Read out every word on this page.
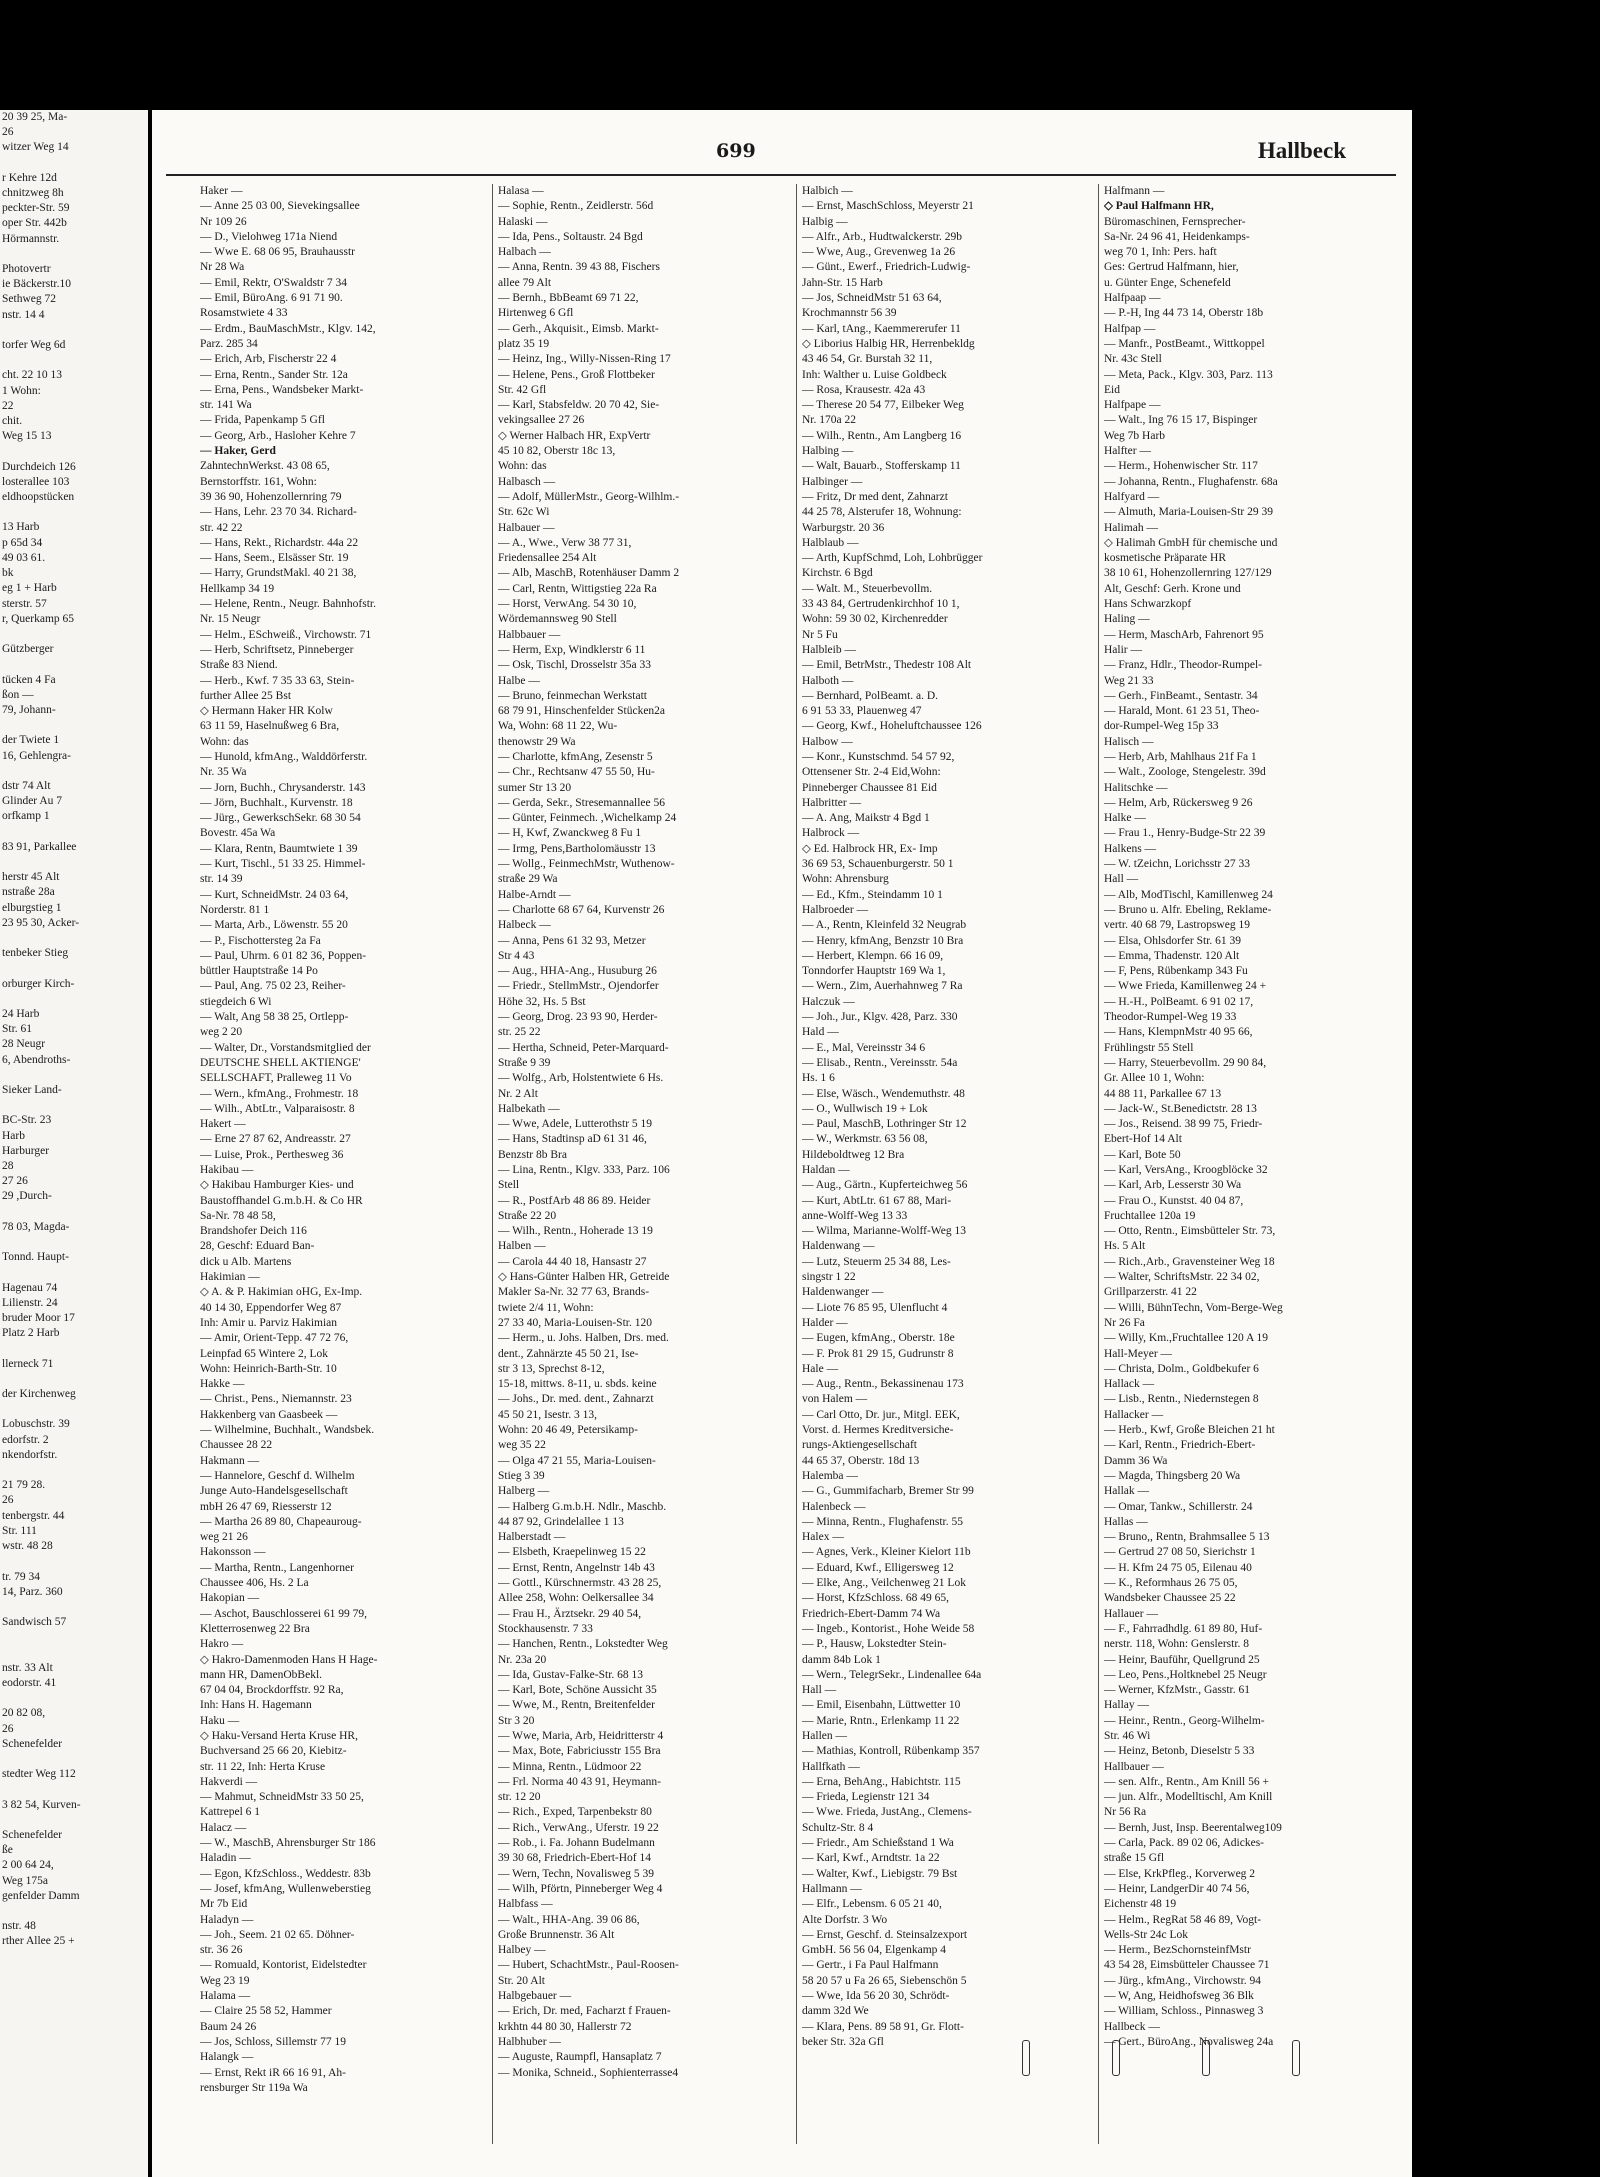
20 39 25, Ma-
26
witzer Weg 14

r Kehre 12d
chnitzweg 8h
peckter-Str. 59
oper Str. 442b
Hörmannstr.

Photovertr
ie Bäckerstr.10
Sethweg 72
nstr. 14 4

torfer Weg 6d

cht. 22 10 13
1 Wohn:
22
chit.
Weg 15 13

Durchdeich 126
losterallee 103
eldhoopstücken

13 Harb
p 65d 34
49 03 61.
bk
eg 1 + Harb
sterstr. 57
r, Querkamp 65

Gützberger

tücken 4 Fa
ßon —
79, Johann-

der Twiete 1
16, Gehlengra-

dstr 74 Alt
Glinder Au 7
orfkamp 1

83 91, Parkallee

herstr 45 Alt
nstraße 28a
elburgstieg 1
23 95 30, Acker-

tenbeker Stieg

orburger Kirch-

24 Harb
Str. 61
28 Neugr
6, Abendroths-

Sieker Land-

BC-Str. 23
Harb
Harburger
28
27 26
29 ,Durch-

78 03, Magda-

Tonnd. Haupt-

Hagenau 74
Lilienstr. 24
bruder Moor 17
Platz 2 Harb

llerneck 71

der Kirchenweg

Lobuschstr. 39
edorfstr. 2
nkendorfstr.

21 79 28.
26
tenbergstr. 44
Str. 111
wstr. 48 28

tr. 79 34
14, Parz. 360

Sandwisch 57

nstr. 33 Alt
eodorstr. 41

20 82 08,
26
Schenefelder

stedter Weg 112

3 82 54, Kurven-

Schenefelder
ße
2 00 64 24,
Weg 175a
genfelder Damm

nstr. 48
rther Allee 25 +
699	Hallbeck
Haker —
— Anne 25 03 00, Sievekingsallee
Nr 109 26
— D., Vielohweg 171a Niend
— Wwe E. 68 06 95, Brauhausstr
Nr 28 Wa
— Emil, Rektr, O'Swaldstr 7 34
— Emil, BüroAng. 6 91 71 90.
Rosamstwiete 4 33
— Erdm., BauMaschMstr., Klgv. 142,
Parz. 285 34
— Erich, Arb, Fischerstr 22 4
— Erna, Rentn., Sander Str. 12a
— Erna, Pens., Wandsbeker Markt-
str. 141 Wa
— Frida, Papenkamp 5 Gfl
— Georg, Arb., Hasloher Kehre 7
— Haker, Gerd
ZahntechnWerkst. 43 08 65,
Bernstorffstr. 161, Wohn:
39 36 90, Hohenzollernring 79
— Hans, Lehr. 23 70 34. Richard-
str. 42 22
— Hans, Rekt., Richardstr. 44a 22
— Hans, Seem., Elsässer Str. 19
— Harry, GrundstMakl. 40 21 38,
Hellkamp 34 19
— Helene, Rentn., Neugr. Bahnhofstr.
Nr. 15 Neugr
— Helm., ESchweiß., Virchowstr. 71
— Herb, Schriftsetz, Pinneberger
Straße 83 Niend.
— Herb., Kwf. 7 35 33 63, Stein-
further Allee 25 Bst
◇ Hermann Haker HR Kolw
63 11 59, Haselnußweg 6 Bra,
Wohn: das
— Hunold, kfmAng., Walddörferstr.
Nr. 35 Wa
— Jorn, Buchh., Chrysanderstr. 143
— Jörn, Buchhalt., Kurvenstr. 18
— Jürg., GewerkschSekr. 68 30 54
Bovestr. 45a Wa
— Klara, Rentn, Baumtwiete 1 39
— Kurt, Tischl., 51 33 25. Himmel-
str. 14 39
— Kurt, SchneidMstr. 24 03 64,
Norderstr. 81 1
— Marta, Arb., Löwenstr. 55 20
— P., Fischottersteg 2a Fa
— Paul, Uhrm. 6 01 82 36, Poppen-
büttler Hauptstraße 14 Po
— Paul, Ang. 75 02 23, Reiher-
stiegdeich 6 Wi
— Walt, Ang 58 38 25, Ortlepp-
weg 2 20
— Walter, Dr., Vorstandsmitglied der
DEUTSCHE SHELL AKTIENGE'
SELLSCHAFT, Pralleweg 11 Vo
— Wern., kfmAng., Frohmestr. 18
— Wilh., AbtLtr., Valparaisostr. 8
Hakert —
— Erne 27 87 62, Andreasstr. 27
— Luise, Prok., Perthesweg 36
Hakibau —
◇ Hakibau Hamburger Kies- und
Baustoffhandel G.m.b.H. & Co HR
Sa-Nr. 78 48 58,
Brandshofer Deich 116
28, Geschf: Eduard Ban-
dick u Alb. Martens
Hakimian —
◇ A. & P. Hakimian oHG, Ex-Imp.
40 14 30, Eppendorfer Weg 87
Inh: Amir u. Parviz Hakimian
— Amir, Orient-Tepp. 47 72 76,
Leinpfad 65 Wintere 2, Lok
Wohn: Heinrich-Barth-Str. 10
Hakke —
— Christ., Pens., Niemannstr. 23
Hakkenberg van Gaasbeek —
— Wilhelmine, Buchhalt., Wandsbek.
Chaussee 28 22
Hakmann —
— Hannelore, Geschf d. Wilhelm
Junge Auto-Handelsgesellschaft
mbH 26 47 69, Riesserstr 12
— Martha 26 89 80, Chapeauroug-
weg 21 26
Hakonsson —
— Martha, Rentn., Langenhorner
Chaussee 406, Hs. 2 La
Hakopian —
— Aschot, Bauschlosserei 61 99 79,
Kletterrosenweg 22 Bra
Hakro —
◇ Hakro-Damenmoden Hans H Hage-
mann HR, DamenObBekl.
67 04 04, Brockdorffstr. 92 Ra,
Inh: Hans H. Hagemann
Haku —
◇ Haku-Versand Herta Kruse HR,
Buchversand 25 66 20, Kiebitz-
str. 11 22, Inh: Herta Kruse
Hakverdi —
— Mahmut, SchneidMstr 33 50 25,
Kattrepel 6 1
Halacz —
— W., MaschB, Ahrensburger Str 186
Haladin —
— Egon, KfzSchloss., Weddestr. 83b
— Josef, kfmAng, Wullenweberstieg
Mr 7b Eid
Haladyn —
— Joh., Seem. 21 02 65. Döhner-
str. 36 26
— Romuald, Kontorist, Eidelstedter
Weg 23 19
Halama —
— Claire 25 58 52, Hammer
Baum 24 26
— Jos, Schloss, Sillemstr 77 19
Halangk —
— Ernst, Rekt iR 66 16 91, Ah-
rensburger Str 119a Wa
Halasa —
— Sophie, Rentn., Zeidlerstr. 56d
Halaski —
— Ida, Pens., Soltaustr. 24 Bgd
Halbach —
— Anna, Rentn. 39 43 88, Fischers
allee 79 Alt
— Bernh., BbBeamt 69 71 22,
Hirtenweg 6 Gfl
— Gerh., Akquisit., Eimsb. Markt-
platz 35 19
— Heinz, Ing., Willy-Nissen-Ring 17
— Helene, Pens., Groß Flottbeker
Str. 42 Gfl
— Karl, Stabsfeldw. 20 70 42, Sie-
vekingsallee 27 26
◇ Werner Halbach HR, ExpVertr
45 10 82, Oberstr 18c 13,
Wohn: das
Halbasch —
— Adolf, MüllerMstr., Georg-Wilhlm.-
Str. 62c Wi
Halbauer —
— A., Wwe., Verw 38 77 31,
Friedensallee 254 Alt
— Alb, MaschB, Rotenhäuser Damm 2
— Carl, Rentn, Wittigstieg 22a Ra
— Horst, VerwAng. 54 30 10,
Wördemannsweg 90 Stell
Halbbauer —
— Herm, Exp, Windklerstr 6 11
— Osk, Tischl, Drosselstr 35a 33
Halbe —
— Bruno, feinmechan Werkstatt
68 79 91, Hinschenfelder Stücken2a
Wa, Wohn: 68 11 22, Wu-
thenowstr 29 Wa
— Charlotte, kfmAng, Zesenstr 5
— Chr., Rechtsanw 47 55 50, Hu-
sumer Str 13 20
— Gerda, Sekr., Stresemannallee 56
— Günter, Feinmech. ,Wichelkamp 24
— H, Kwf, Zwanckweg 8 Fu 1
— Irmg, Pens,Bartholomäusstr 13
— Wollg., FeinmechMstr, Wuthenow-
straße 29 Wa
Halbe-Arndt —
— Charlotte 68 67 64, Kurvenstr 26
Halbeck —
— Anna, Pens 61 32 93, Metzer
Str 4 43
— Aug., HHA-Ang., Husuburg 26
— Friedr., StellmMstr., Ojendorfer
Höhe 32, Hs. 5 Bst
— Georg, Drog. 23 93 90, Herder-
str. 25 22
— Hertha, Schneid, Peter-Marquard-
Straße 9 39
— Wolfg., Arb, Holstentwiete 6 Hs.
Nr. 2 Alt
Halbekath —
— Wwe, Adele, Lutterothstr 5 19
— Hans, Stadtinsp aD 61 31 46,
Benzstr 8b Bra
— Lina, Rentn., Klgv. 333, Parz. 106
Stell
— R., PostfArb 48 86 89. Heider
Straße 22 20
— Wilh., Rentn., Hoherade 13 19
Halben —
— Carola 44 40 18, Hansastr 27
◇ Hans-Günter Halben HR, Getreide
Makler Sa-Nr. 32 77 63, Brands-
twiete 2/4 11, Wohn:
27 33 40, Maria-Louisen-Str. 120
— Herm., u. Johs. Halben, Drs. med.
dent., Zahnärzte 45 50 21, Ise-
str 3 13, Sprechst 8-12,
15-18, mittws. 8-11, u. sbds. keine
— Johs., Dr. med. dent., Zahnarzt
45 50 21, Isestr. 3 13,
Wohn: 20 46 49, Petersikamp-
weg 35 22
— Olga 47 21 55, Maria-Louisen-
Stieg 3 39
Halberg —
— Halberg G.m.b.H. Ndlr., Maschb.
44 87 92, Grindelallee 1 13
Halberstadt —
— Elsbeth, Kraepelinweg 15 22
— Ernst, Rentn, Angelnstr 14b 43
— Gottl., Kürschnermstr. 43 28 25,
Allee 258, Wohn: Oelkersallee 34
— Frau H., Ärztsekr. 29 40 54,
Stockhausenstr. 7 33
— Hanchen, Rentn., Lokstedter Weg
Nr. 23a 20
— Ida, Gustav-Falke-Str. 68 13
— Karl, Bote, Schöne Aussicht 35
— Wwe, M., Rentn, Breitenfelder
Str 3 20
— Wwe, Maria, Arb, Heidritterstr 4
— Max, Bote, Fabriciusstr 155 Bra
— Minna, Rentn., Lüdmoor 22
— Frl. Norma 40 43 91, Heymann-
str. 12 20
— Rich., Exped, Tarpenbekstr 80
— Rich., VerwAng., Uferstr. 19 22
— Rob., i. Fa. Johann Budelmann
39 30 68, Friedrich-Ebert-Hof 14
— Wern, Techn, Novalisweg 5 39
— Wilh, Pförtn, Pinneberger Weg 4
Halbfass —
— Walt., HHA-Ang. 39 06 86,
Große Brunnenstr. 36 Alt
Halbey —
— Hubert, SchachtMstr., Paul-Roosen-
Str. 20 Alt
Halbgebauer —
— Erich, Dr. med, Facharzt f Frauen-
krkhtn 44 80 30, Hallerstr 72
Halbhuber —
— Auguste, Raumpfl, Hansaplatz 7
— Monika, Schneid., Sophienterrasse4
Halbich —
— Ernst, MaschSchloss, Meyerstr 21
Halbig —
— Alfr., Arb., Hudtwalckerstr. 29b
— Wwe, Aug., Grevenweg 1a 26
— Günt., Ewerf., Friedrich-Ludwig-
Jahn-Str. 15 Harb
— Jos, SchneidMstr 51 63 64,
Krochmannstr 56 39
— Karl, tAng., Kaemmererufer 11
◇ Liborius Halbig HR, Herrenbekldg
43 46 54, Gr. Burstah 32 11,
Inh: Walther u. Luise Goldbeck
— Rosa, Krausestr. 42a 43
— Therese 20 54 77, Eilbeker Weg
Nr. 170a 22
— Wilh., Rentn., Am Langberg 16
Halbing —
— Walt, Bauarb., Stofferskamp 11
Halbinger —
— Fritz, Dr med dent, Zahnarzt
44 25 78, Alsterufer 18, Wohnung:
Warburgstr. 20 36
Halblaub —
— Arth, KupfSchmd, Loh, Lohbrügger
Kirchstr. 6 Bgd
— Walt. M., Steuerbevollm.
33 43 84, Gertrudenkirchhof 10 1,
Wohn: 59 30 02, Kirchenredder
Nr 5 Fu
Halbleib —
— Emil, BetrMstr., Thedestr 108 Alt
Halboth —
— Bernhard, PolBeamt. a. D.
6 91 53 33, Plauenweg 47
— Georg, Kwf., Hoheluftchaussee 126
Halbow —
— Konr., Kunstschmd. 54 57 92,
Ottensener Str. 2-4 Eid,Wohn:
Pinneberger Chaussee 81 Eid
Halbritter —
— A. Ang, Maikstr 4 Bgd 1
Halbrock —
◇ Ed. Halbrock HR, Ex- Imp
36 69 53, Schauenburgerstr. 50 1
Wohn: Ahrensburg
— Ed., Kfm., Steindamm 10 1
Halbroeder —
— A., Rentn, Kleinfeld 32 Neugrab
— Henry, kfmAng, Benzstr 10 Bra
— Herbert, Klempn. 66 16 09,
Tonndorfer Hauptstr 169 Wa 1,
— Wern., Zim, Auerhahnweg 7 Ra
Halczuk —
— Joh., Jur., Klgv. 428, Parz. 330
Hald —
— E., Mal, Vereinsstr 34 6
— Elisab., Rentn., Vereinsstr. 54a
Hs. 1 6
— Else, Wäsch., Wendemuthstr. 48
— O., Wullwisch 19 + Lok
— Paul, MaschB, Lothringer Str 12
— W., Werkmstr. 63 56 08,
Hildeboldtweg 12 Bra
Haldan —
— Aug., Gärtn., Kupferteichweg 56
— Kurt, AbtLtr. 61 67 88, Mari-
anne-Wolff-Weg 13 33
— Wilma, Marianne-Wolff-Weg 13
Haldenwang —
— Lutz, Steuerm 25 34 88, Les-
singstr 1 22
Haldenwanger —
— Liote 76 85 95, Ulenflucht 4
Halder —
— Eugen, kfmAng., Oberstr. 18e
— F. Prok 81 29 15, Gudrunstr 8
Hale —
— Aug., Rentn., Bekassinenau 173
von Halem —
— Carl Otto, Dr. jur., Mitgl. EEK,
Vorst. d. Hermes Kreditversiche-
rungs-Aktiengesellschaft
44 65 37, Oberstr. 18d 13
Halemba —
— G., Gummifacharb, Bremer Str 99
Halenbeck —
— Minna, Rentn., Flughafenstr. 55
Halex —
— Agnes, Verk., Kleiner Kielort 11b
— Eduard, Kwf., Elligersweg 12
— Elke, Ang., Veilchenweg 21 Lok
— Horst, KfzSchloss. 68 49 65,
Friedrich-Ebert-Damm 74 Wa
— Ingeb., Kontorist., Hohe Weide 58
— P., Hausw, Lokstedter Stein-
damm 84b Lok 1
— Wern., TelegrSekr., Lindenallee 64a
Hall —
— Emil, Eisenbahn, Lüttwetter 10
— Marie, Rntn., Erlenkamp 11 22
Hallen —
— Mathias, Kontroll, Rübenkamp 357
Hallfkath —
— Erna, BehAng., Habichtstr. 115
— Frieda, Legienstr 121 34
— Wwe. Frieda, JustAng., Clemens-
Schultz-Str. 8 4
— Friedr., Am Schießstand 1 Wa
— Karl, Kwf., Arndtstr. 1a 22
— Walter, Kwf., Liebigstr. 79 Bst
Hallmann —
— Elfr., Lebensm. 6 05 21 40,
Alte Dorfstr. 3 Wo
— Ernst, Geschf. d. Steinsalzexport
GmbH. 56 56 04, Elgenkamp 4
— Gertr., i Fa Paul Halfmann
58 20 57 u Fa 26 65, Siebenschön 5
— Wwe, Ida 56 20 30, Schrödt-
damm 32d We
— Klara, Pens. 89 58 91, Gr. Flott-
beker Str. 32a Gfl
Halfmann —
◇ Paul Halfmann HR,
Büromaschinen, Fernsprecher-
Sa-Nr. 24 96 41, Heidenkamps-
weg 70 1, Inh: Pers. haft
Ges: Gertrud Halfmann, hier,
u. Günter Enge, Schenefeld
Halfpaap —
— P.-H, Ing 44 73 14, Oberstr 18b
Halfpap —
— Manfr., PostBeamt., Wittkoppel
Nr. 43c Stell
— Meta, Pack., Klgv. 303, Parz. 113
Eid
Halfpape —
— Walt., Ing 76 15 17, Bispinger
Weg 7b Harb
Halfter —
— Herm., Hohenwischer Str. 117
— Johanna, Rentn., Flughafenstr. 68a
Halfyard —
— Almuth, Maria-Louisen-Str 29 39
Halimah —
◇ Halimah GmbH für chemische und
kosmetische Präparate HR
38 10 61, Hohenzollernring 127/129
Alt, Geschf: Gerh. Krone und
Hans Schwarzkopf
Haling —
— Herm, MaschArb, Fahrenort 95
Halir —
— Franz, Hdlr., Theodor-Rumpel-
Weg 21 33
— Gerh., FinBeamt., Sentastr. 34
— Harald, Mont. 61 23 51, Theo-
dor-Rumpel-Weg 15p 33
Halisch —
— Herb, Arb, Mahlhaus 21f Fa 1
— Walt., Zoologe, Stengelestr. 39d
Halitschke —
— Helm, Arb, Rückersweg 9 26
Halke —
— Frau 1., Henry-Budge-Str 22 39
Halkens —
— W. tZeichn, Lorichsstr 27 33
Hall —
— Alb, ModTischl, Kamillenweg 24
— Bruno u. Alfr. Ebeling, Reklame-
vertr. 40 68 79, Lastropsweg 19
— Elsa, Ohlsdorfer Str. 61 39
— Emma, Thadenstr. 120 Alt
— F, Pens, Rübenkamp 343 Fu
— Wwe Frieda, Kamillenweg 24 +
— H.-H., PolBeamt. 6 91 02 17,
Theodor-Rumpel-Weg 19 33
— Hans, KlempnMstr 40 95 66,
Frühlingstr 55 Stell
— Harry, Steuerbevollm. 29 90 84,
Gr. Allee 10 1, Wohn:
44 88 11, Parkallee 67 13
— Jack-W., St.Benedictstr. 28 13
— Jos., Reisend. 38 99 75, Friedr-
Ebert-Hof 14 Alt
— Karl, Bote 50
— Karl, VersAng., Kroogblöcke 32
— Karl, Arb, Lesserstr 30 Wa
— Frau O., Kunstst. 40 04 87,
Fruchtallee 120a 19
— Otto, Rentn., Eimsbütteler Str. 73,
Hs. 5 Alt
— Rich.,Arb., Gravensteiner Weg 18
— Walter, SchriftsMstr. 22 34 02,
Grillparzerstr. 41 22
— Willi, BühnTechn, Vom-Berge-Weg
Nr 26 Fa
— Willy, Km.,Fruchtallee 120 A 19
Hall-Meyer —
— Christa, Dolm., Goldbekufer 6
Hallack —
— Lisb., Rentn., Niedernstegen 8
Hallacker —
— Herb., Kwf, Große Bleichen 21 ht
— Karl, Rentn., Friedrich-Ebert-
Damm 36 Wa
— Magda, Thingsberg 20 Wa
Hallak —
— Omar, Tankw., Schillerstr. 24
Hallas —
— Bruno,, Rentn, Brahmsallee 5 13
— Gertrud 27 08 50, Sierichstr 1
— H. Kfm 24 75 05, Eilenau 40
— K., Reformhaus 26 75 05,
Wandsbeker Chaussee 25 22
Hallauer —
— F., Fahrradhdlg. 61 89 80, Huf-
nerstr. 118, Wohn: Genslerstr. 8
— Heinr, Bauführ, Quellgrund 25
— Leo, Pens.,Holtknebel 25 Neugr
— Werner, KfzMstr., Gasstr. 61
Hallay —
— Heinr., Rentn., Georg-Wilhelm-
Str. 46 Wi
— Heinz, Betonb, Dieselstr 5 33
Hallbauer —
— sen. Alfr., Rentn., Am Knill 56 +
— jun. Alfr., Modelltischl, Am Knill
Nr 56 Ra
— Bernh, Just, Insp. Beerentalweg109
— Carla, Pack. 89 02 06, Adickes-
straße 15 Gfl
— Else, KrkPfleg., Korverweg 2
— Heinr, LandgerDir 40 74 56,
Eichenstr 48 19
— Helm., RegRat 58 46 89, Vogt-
Wells-Str 24c Lok
— Herm., BezSchornsteinfMstr
43 54 28, Eimsbütteler Chaussee 71
— Jürg., kfmAng., Virchowstr. 94
— W, Ang, Heidhofsweg 36 Blk
— William, Schloss., Pinnasweg 3
Hallbeck —
— Gert., BüroAng., Novalisweg 24a
